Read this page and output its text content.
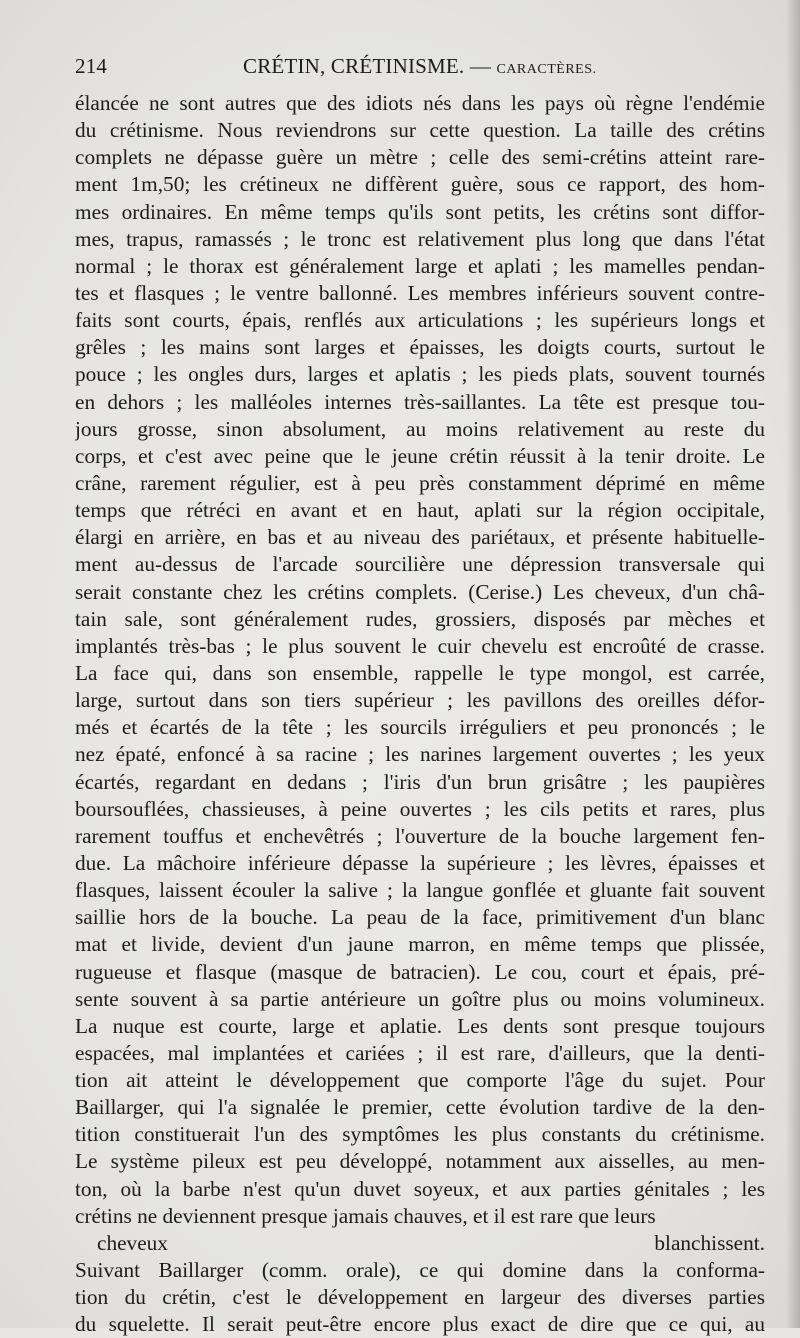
214	CRÉTIN, CRÉTINISME. — CARACTÈRES.
élancée ne sont autres que des idiots nés dans les pays où règne l'endémie
du crétinisme. Nous reviendrons sur cette question. La taille des crétins
complets ne dépasse guère un mètre ; celle des semi-crétins atteint rare-
ment 1m,50; les crétineux ne diffèrent guère, sous ce rapport, des hom-
mes ordinaires. En même temps qu'ils sont petits, les crétins sont diffor-
mes, trapus, ramassés ; le tronc est relativement plus long que dans l'état
normal ; le thorax est généralement large et aplati ; les mamelles pendan-
tes et flasques ; le ventre ballonné. Les membres inférieurs souvent contre-
faits sont courts, épais, renflés aux articulations ; les supérieurs longs et
grêles ; les mains sont larges et épaisses, les doigts courts, surtout le
pouce ; les ongles durs, larges et aplatis ; les pieds plats, souvent tournés
en dehors ; les malléoles internes très-saillantes. La tête est presque tou-
jours grosse, sinon absolument, au moins relativement au reste du
corps, et c'est avec peine que le jeune crétin réussit à la tenir droite. Le
crâne, rarement régulier, est à peu près constamment déprimé en même
temps que rétréci en avant et en haut, aplati sur la région occipitale,
élargi en arrière, en bas et au niveau des pariétaux, et présente habituelle-
ment au-dessus de l'arcade sourcilière une dépression transversale qui
serait constante chez les crétins complets. (Cerise.) Les cheveux, d'un châ-
tain sale, sont généralement rudes, grossiers, disposés par mèches et
implantés très-bas ; le plus souvent le cuir chevelu est encroûté de crasse.
La face qui, dans son ensemble, rappelle le type mongol, est carrée,
large, surtout dans son tiers supérieur ; les pavillons des oreilles défor-
més et écartés de la tête ; les sourcils irréguliers et peu prononcés ; le
nez épaté, enfoncé à sa racine ; les narines largement ouvertes ; les yeux
écartés, regardant en dedans ; l'iris d'un brun grisâtre ; les paupières
boursouflées, chassieuses, à peine ouvertes ; les cils petits et rares, plus
rarement touffus et enchevêtrés ; l'ouverture de la bouche largement fen-
due. La mâchoire inférieure dépasse la supérieure ; les lèvres, épaisses et
flasques, laissent écouler la salive ; la langue gonflée et gluante fait souvent
saillie hors de la bouche. La peau de la face, primitivement d'un blanc
mat et livide, devient d'un jaune marron, en même temps que plissée,
rugueuse et flasque (masque de batracien). Le cou, court et épais, pré-
sente souvent à sa partie antérieure un goître plus ou moins volumineux.
La nuque est courte, large et aplatie. Les dents sont presque toujours
espacées, mal implantées et cariées ; il est rare, d'ailleurs, que la denti-
tion ait atteint le développement que comporte l'âge du sujet. Pour
Baillarger, qui l'a signalée le premier, cette évolution tardive de la den-
tition constituerait l'un des symptômes les plus constants du crétinisme.
Le système pileux est peu développé, notamment aux aisselles, au men-
ton, où la barbe n'est qu'un duvet soyeux, et aux parties génitales ; les
crétins ne deviennent presque jamais chauves, et il est rare que leurs
cheveux blanchissent.
Suivant Baillarger (comm. orale), ce qui domine dans la conforma-
tion du crétin, c'est le développement en largeur des diverses parties
du squelette. Il serait peut-être encore plus exact de dire que ce qui, au
